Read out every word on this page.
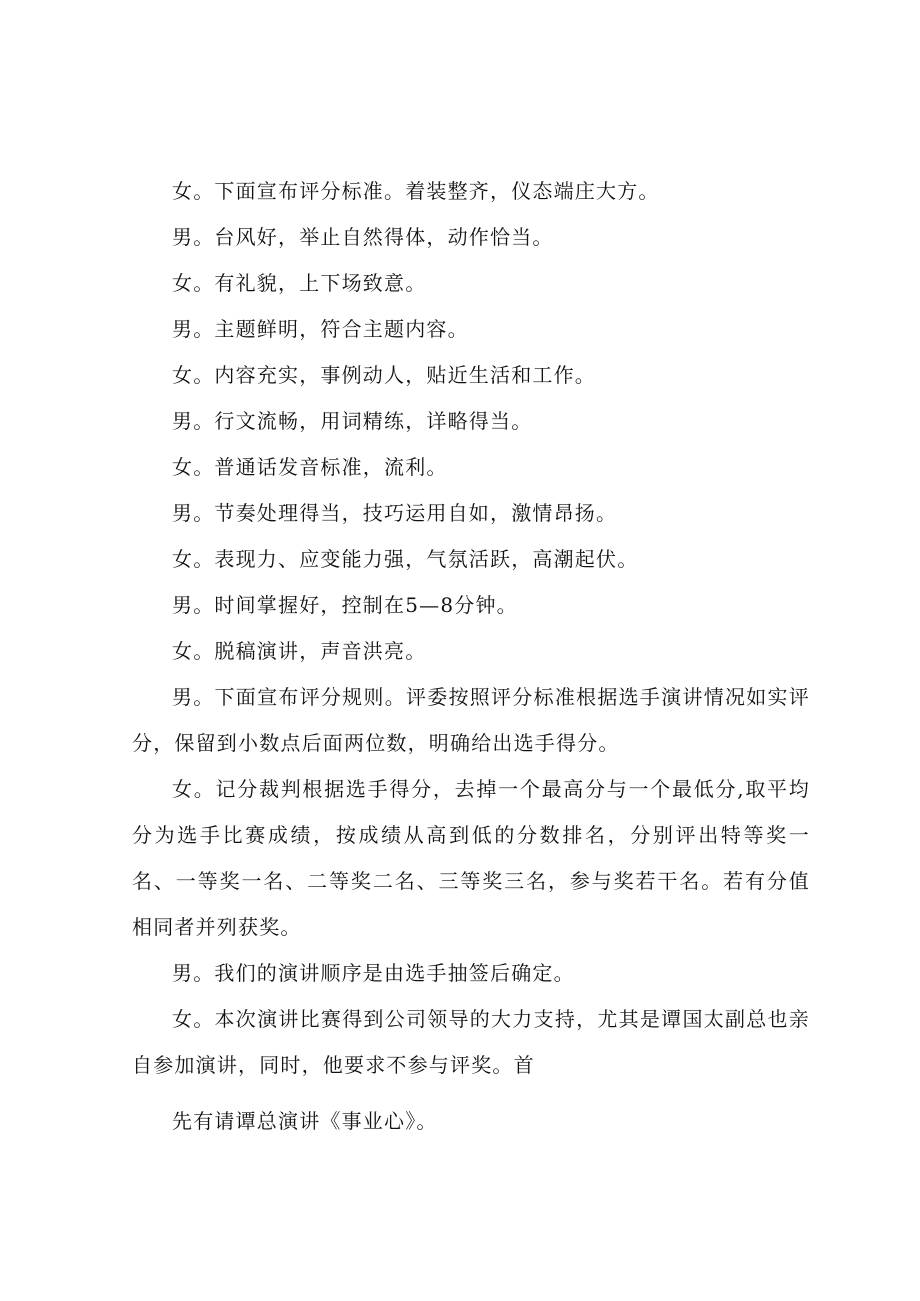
女。下面宣布评分标准。着装整齐，仪态端庄大方。

男。台风好，举止自然得体，动作恰当。

女。有礼貌，上下场致意。

男。主题鲜明，符合主题内容。

女。内容充实，事例动人，贴近生活和工作。

男。行文流畅，用词精练，详略得当。

女。普通话发音标准，流利。

男。节奏处理得当，技巧运用自如，激情昂扬。

女。表现力、应变能力强，气氛活跃，高潮起伏。

男。时间掌握好，控制在5—8分钟。

女。脱稿演讲，声音洪亮。

男。下面宣布评分规则。评委按照评分标准根据选手演讲情况如实评分，保留到小数点后面两位数，明确给出选手得分。

女。记分裁判根据选手得分，去掉一个最高分与一个最低分,取平均分为选手比赛成绩，按成绩从高到低的分数排名，分别评出特等奖一名、一等奖一名、二等奖二名、三等奖三名，参与奖若干名。若有分值相同者并列获奖。

男。我们的演讲顺序是由选手抽签后确定。

女。本次演讲比赛得到公司领导的大力支持，尤其是谭国太副总也亲自参加演讲，同时，他要求不参与评奖。首

先有请谭总演讲《事业心》。
